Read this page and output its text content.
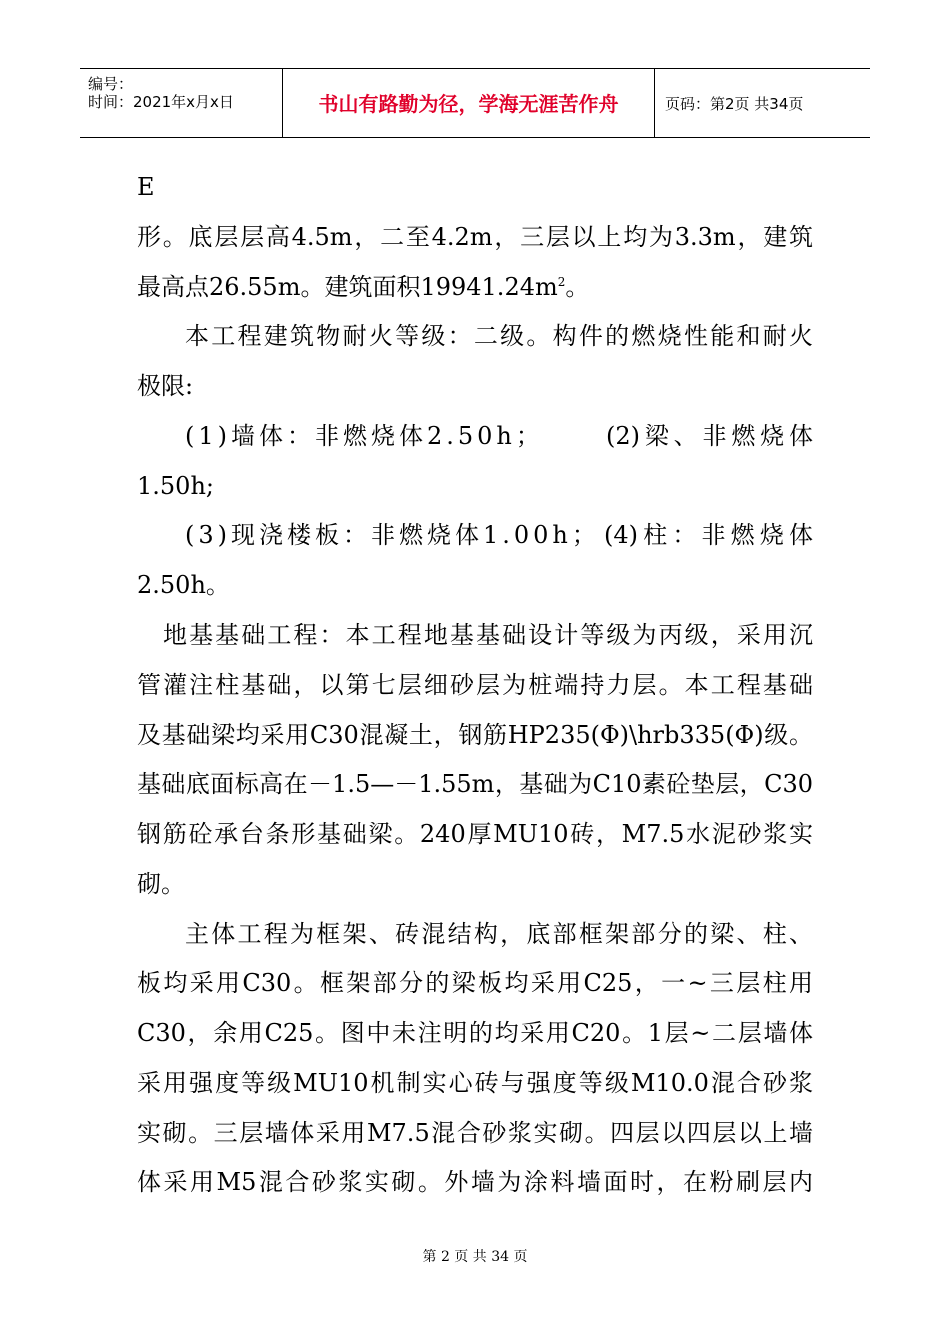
编号：
时间：2021年x月x日	书山有路勤为径，学海无涯苦作舟	页码：第2页 共34页
E
形。底层层高4.5m，二至4.2m，三层以上均为3.3m，建筑
最高点26.55m。建筑面积$19941.24m^2$。
本工程建筑物耐火等级：二级。构件的燃烧性能和耐火
极限:
(1)墙体：非燃烧体2.50h；	(2)梁、非燃烧体
1.50h;
(3)现浇楼板：非燃烧体1.00h； (4)柱：非燃烧体
2.50h。
地基基础工程：本工程地基基础设计等级为丙级，采用沉
管灌注柱基础，以第七层细砂层为桩端持力层。本工程基础
及基础梁均采用C30混凝土，钢筋HP235(Φ)\hrb335(Φ)级。
基础底面标高在－1.5—－1.55m，基础为C10素砼垫层，C30
钢筋砼承台条形基础梁。240厚MU10砖，M7.5水泥砂浆实
砌。
主体工程为框架、砖混结构，底部框架部分的梁、柱、
板均采用C30。框架部分的梁板均采用C25，一~三层柱用
C30，余用C25。图中未注明的均采用C20。1层~二层墙体
采用强度等级MU10机制实心砖与强度等级M10.0混合砂浆
实砌。三层墙体采用M7.5混合砂浆实砌。四层以四层以上墙
体采用M5混合砂浆实砌。外墙为涂料墙面时，在粉刷层内
第 2 页 共 34 页
